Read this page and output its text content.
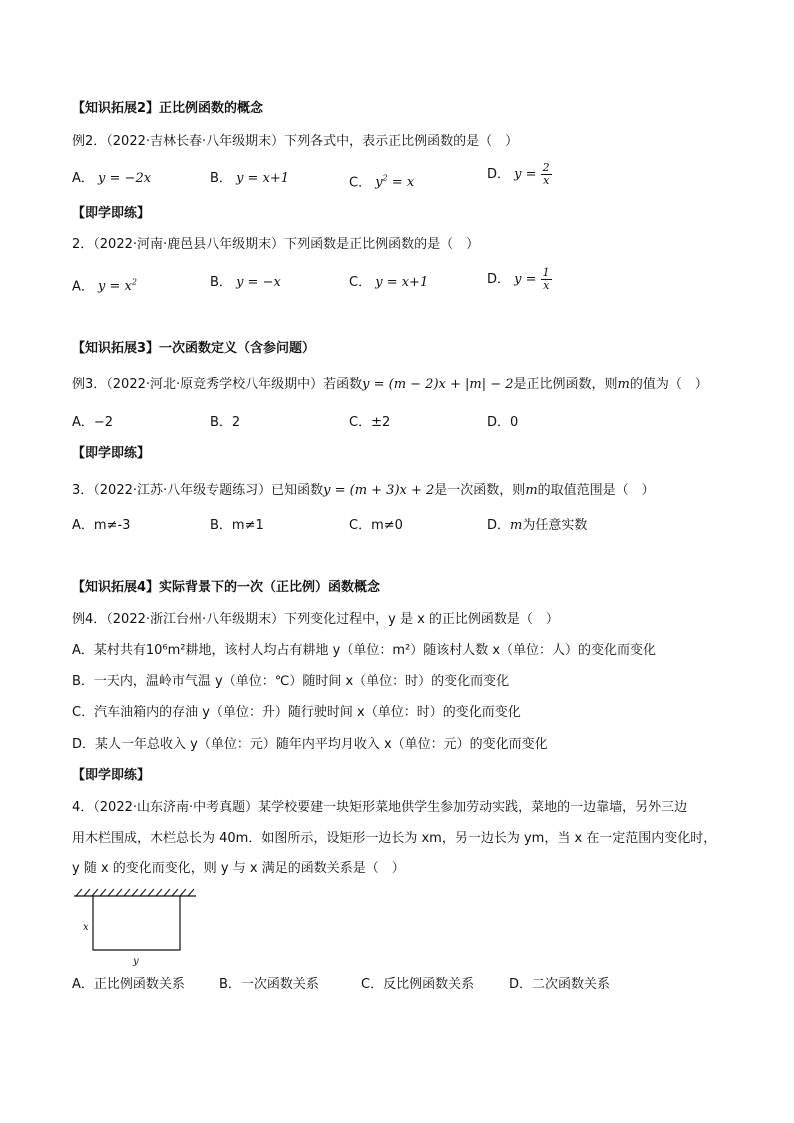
【知识拓展2】正比例函数的概念
例2．（2022·吉林长春·八年级期末）下列各式中，表示正比例函数的是（　）
A． y = −2x	B． y = x+1	C． $y^2 = x$
D． $y = \frac{2}{x}$
【即学即练】
2．（2022·河南·鹿邑县八年级期末）下列函数是正比例函数的是（　）
A． $y = x^2$	B． y = −x	C． y = x+1	D． $y = \frac{1}{x}$
【知识拓展3】一次函数定义（含参问题）
例3．（2022·河北·原竞秀学校八年级期中）若函数y = (m − 2)x + |m| − 2是正比例函数，则m的值为（　）
A．−2	B．2	C．±2	D．0
【即学即练】
3．（2022·江苏·八年级专题练习）已知函数y = (m + 3)x + 2是一次函数，则m的取值范围是（　）
A．m≠-3	B．m≠1	C．m≠0	D．m为任意实数
【知识拓展4】实际背景下的一次（正比例）函数概念
例4．（2022·浙江台州·八年级期末）下列变化过程中，y 是 x 的正比例函数是（　）
A．某村共有10⁶m²耕地，该村人均占有耕地 y（单位：m²）随该村人数 x（单位：人）的变化而变化
B．一天内，温岭市气温 y（单位：℃）随时间 x（单位：时）的变化而变化
C．汽车油箱内的存油 y（单位：升）随行驶时间 x（单位：时）的变化而变化
D．某人一年总收入 y（单位：元）随年内平均月收入 x（单位：元）的变化而变化
【即学即练】
4．（2022·山东济南·中考真题）某学校要建一块矩形菜地供学生参加劳动实践，菜地的一边靠墙，另外三边
用木栏围成，木栏总长为 40m．如图所示，设矩形一边长为 xm，另一边长为 ym，当 x 在一定范围内变化时，
y 随 x 的变化而变化，则 y 与 x 满足的函数关系是（　）
x
y
A．正比例函数关系	B．一次函数关系	C．反比例函数关系	D．二次函数关系
